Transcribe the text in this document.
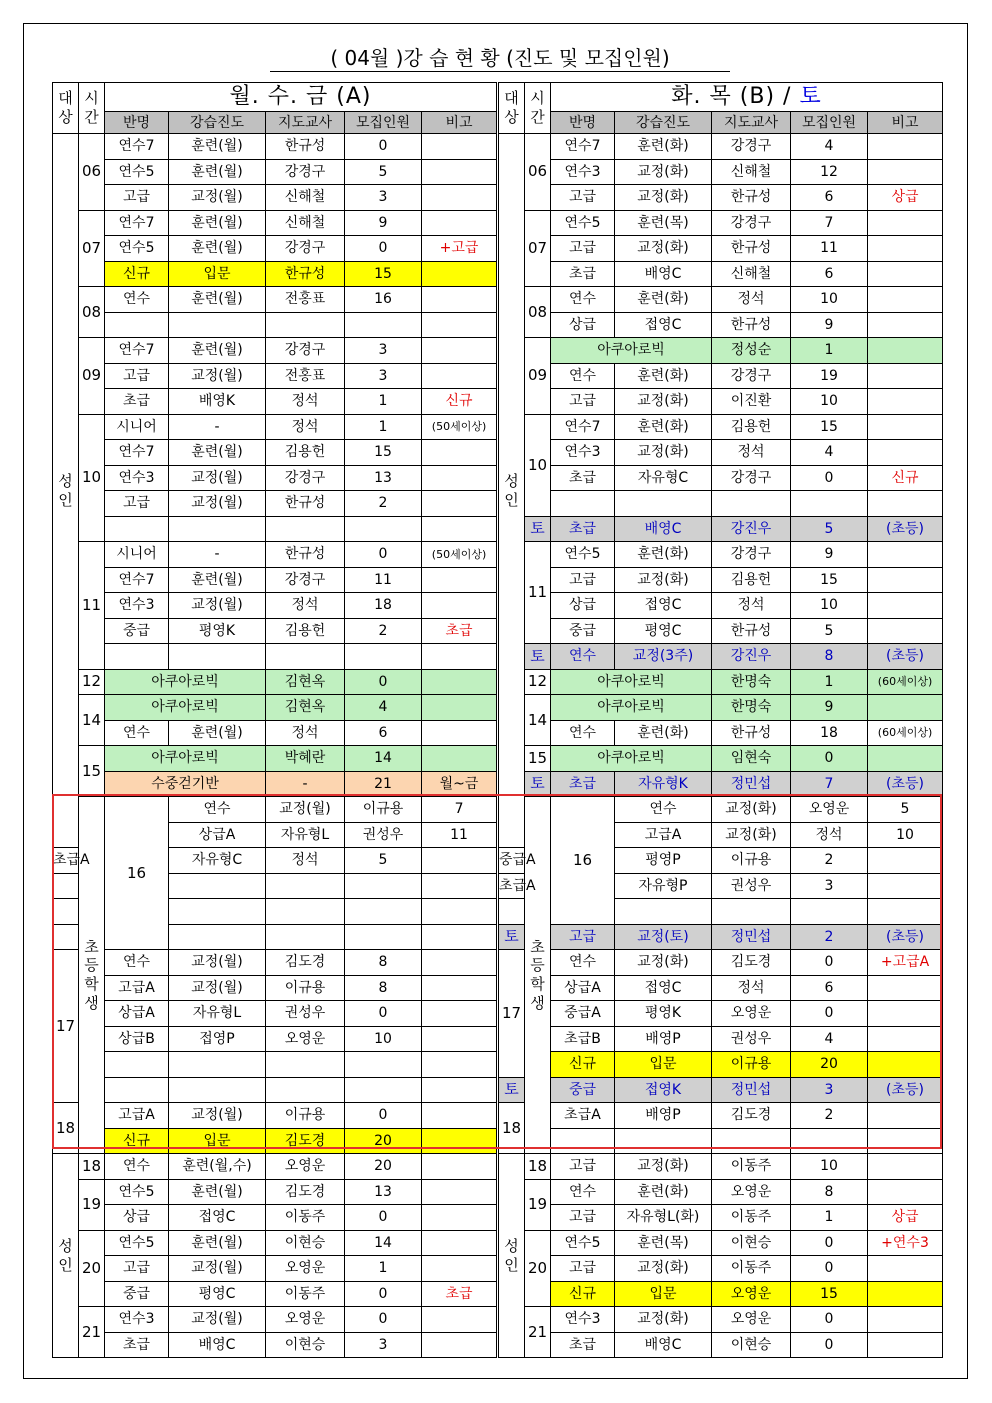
( 04월 )강 습 현 황 (진도 및 모집인원)
대상	시간	월. 수. 금 (A)					
		반명	강습진도	지도교사	모집인원	비고	
성인	06	연수7	훈련(월)	한규성	0		
		연수5	훈련(월)	강경구	5		
		고급	교정(월)	신해철	3		
	07	연수7	훈련(월)	신해철	9		
		연수5	훈련(월)	강경구	0	+고급	
		신규	입문	한규성	15		
	08	연수	훈련(월)	전홍표	16		

	09	연수7	훈련(월)	강경구	3		
		고급	교정(월)	전홍표	3		
		초급	배영K	정석	1	신규	
	10	시니어	-	정석	1	(50세이상)	
		연수7	훈련(월)	김용헌	15		
		연수3	교정(월)	강경구	13		
		고급	교정(월)	한규성	2		

	11	시니어	-	한규성	0	(50세이상)	
		연수7	훈련(월)	강경구	11		
		연수3	교정(월)	정석	18		
		중급	평영K	김용헌	2	초급	

	12	아쿠아로빅		김현옥	0		
	14	아쿠아로빅		김현옥	4		
		연수	훈련(월)	정석	6		
	15	아쿠아로빅		박혜란	14		
		수중걷기반		-	21	월~금	
	초등학생	16	연수	교정(월)	이규용	7	
			상급A	자유형L	권성우	11	
초급A			자유형C	정석	5		

17		연수	교정(월)	김도경	8		
		고급A	교정(월)	이규용	8		
		상급A	자유형L	권성우	0		
		상급B	접영P	오영운	10		

18		고급A	교정(월)	이규용	0		
		신규	입문	김도경	20		
성인	18	연수	훈련(월,수)	오영운	20		
	19	연수5	훈련(월)	김도경	13		
		상급	접영C	이동주	0		
	20	연수5	훈련(월)	이현승	14		
		고급	교정(월)	오영운	1		
		중급	평영C	이동주	0	초급	
	21	연수3	교정(월)	오영운	0		
		초급	배영C	이현승	3		
대상	시간	화. 목 (B) / 토					
		반명	강습진도	지도교사	모집인원	비고	
성인	06	연수7	훈련(화)	강경구	4		
		연수3	교정(화)	신해철	12		
		고급	교정(화)	한규성	6	상급	
	07	연수5	훈련(목)	강경구	7		
		고급	교정(화)	한규성	11		
		초급	배영C	신해철	6		
	08	연수	훈련(화)	정석	10		
		상급	접영C	한규성	9		
	09	아쿠아로빅		정성순	1		
		연수	훈련(화)	강경구	19		
		고급	교정(화)	이진환	10		
	10	연수7	훈련(화)	김용헌	15		
		연수3	교정(화)	정석	4		
		초급	자유형C	강경구	0	신규	

	토	초급	배영C	강진우	5	(초등)	
	11	연수5	훈련(화)	강경구	9		
		고급	교정(화)	김용헌	15		
		상급	접영C	정석	10		
		중급	평영C	한규성	5		
	토	연수	교정(3주)	강진우	8	(초등)	
	12	아쿠아로빅		한명숙	1	(60세이상)	
	14	아쿠아로빅		한명숙	9		
		연수	훈련(화)	한규성	18	(60세이상)	
	15	아쿠아로빅		임현숙	0		
	토	초급	자유형K	정민섭	7	(초등)	
	초등학생	16	연수	교정(화)	오영운	5	
			고급A	교정(화)	정석	10	
중급A			평영P	이규용	2		
초급A			자유형P	권성우	3		

토		고급	교정(토)	정민섭	2	(초등)	
17		연수	교정(화)	김도경	0	+고급A	
		상급A	접영C	정석	6		
		중급A	평영K	오영운	0		
		초급B	배영P	권성우	4		
		신규	입문	이규용	20		
토		중급	접영K	정민섭	3	(초등)	
18		초급A	배영P	김도경	2		

성인	18	고급	교정(화)	이동주	10		
	19	연수	훈련(화)	오영운	8		
		고급	자유형L(화)	이동주	1	상급	
	20	연수5	훈련(목)	이현승	0	+연수3	
		고급	교정(화)	이동주	0		
		신규	입문	오영운	15		
	21	연수3	교정(화)	오영운	0		
		초급	배영C	이현승	0		
